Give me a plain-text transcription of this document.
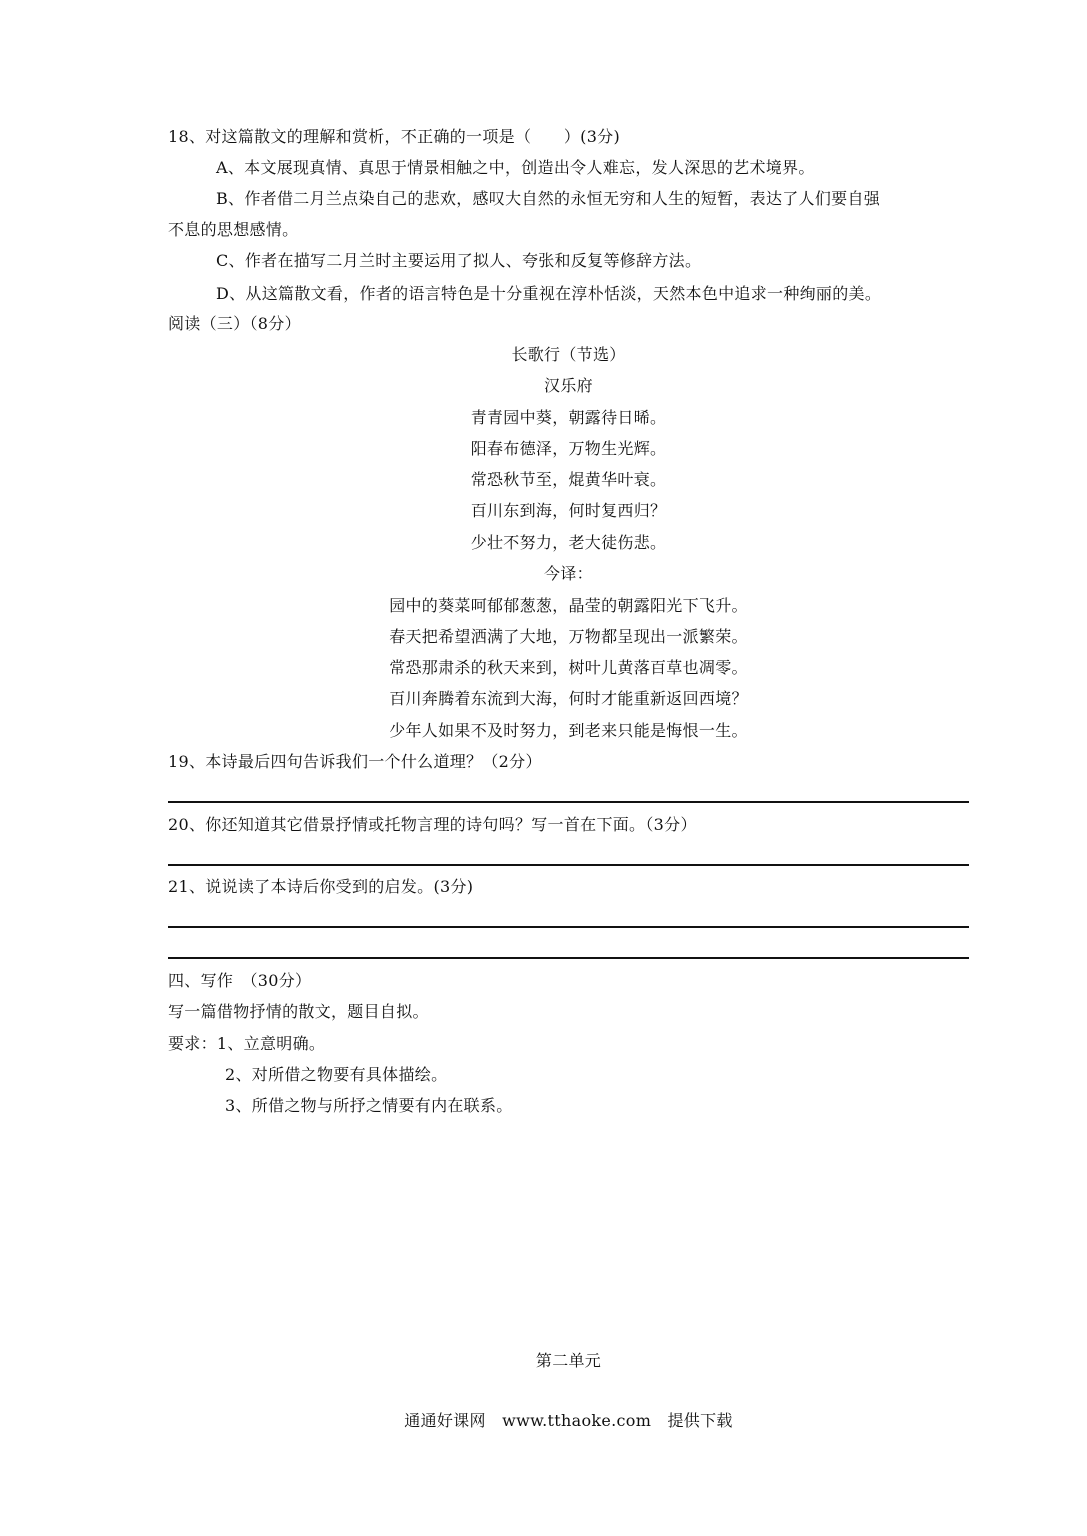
18、对这篇散文的理解和赏析，不正确的一项是（　　）(3分)
A、本文展现真情、真思于情景相触之中，创造出令人难忘，发人深思的艺术境界。
B、作者借二月兰点染自己的悲欢，感叹大自然的永恒无穷和人生的短暂，表达了人们要自强
不息的思想感情。
C、作者在描写二月兰时主要运用了拟人、夸张和反复等修辞方法。
D、从这篇散文看，作者的语言特色是十分重视在淳朴恬淡，天然本色中追求一种绚丽的美。
阅读（三）（8分）
长歌行（节选）
汉乐府
青青园中葵，朝露待日晞。
阳春布德泽，万物生光辉。
常恐秋节至，焜黄华叶衰。
百川东到海，何时复西归？
少壮不努力，老大徒伤悲。
今译：
园中的葵菜呵郁郁葱葱，晶莹的朝露阳光下飞升。
春天把希望洒满了大地，万物都呈现出一派繁荣。
常恐那肃杀的秋天来到，树叶儿黄落百草也凋零。
百川奔腾着东流到大海，何时才能重新返回西境？
少年人如果不及时努力，到老来只能是悔恨一生。
19、本诗最后四句告诉我们一个什么道理？（2分）
20、你还知道其它借景抒情或托物言理的诗句吗？写一首在下面。（3分）
21、说说读了本诗后你受到的启发。(3分)
四、写作　（30分）
写一篇借物抒情的散文，题目自拟。
要求：1、立意明确。
2、对所借之物要有具体描绘。
3、所借之物与所抒之情要有内在联系。
第二单元
通通好课网　www.tthaoke.com　提供下载
